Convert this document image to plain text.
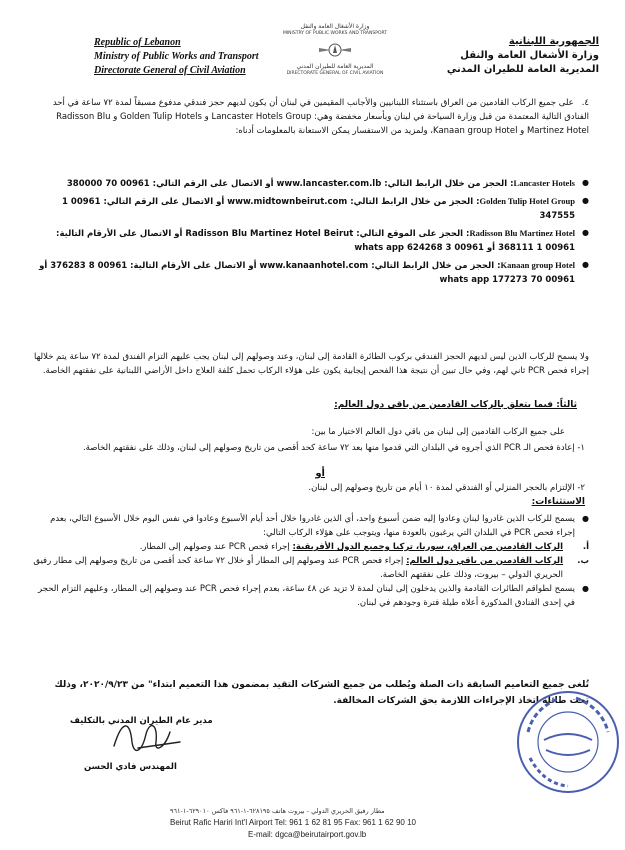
Republic of Lebanon
Ministry of Public Works and Transport
Directorate General of Civil Aviation
وزارة الأشغال العامة والنقل
MINISTRY OF PUBLIC WORKS AND TRANSPORT
المديرية العامة للطيران المدني
DIRECTORATE GENERAL OF CIVIL AVIATION
الجمهورية اللبنانية
وزارة الأشغال العامة والنقل
المديرية العامة للطيران المدني
٤.على جميع الركاب القادمين من العراق باستثناء اللبنانيين والأجانب المقيمين في لبنان أن يكون لديهم حجز فندقي مدفوع مسبقاً لمدة ٧٢ ساعة في أحد الفنادق التالية المعتمدة من قبل وزارة السياحة في لبنان وبأسعار مخفضة وهي: Lancaster Hotels Group و Golden Tulip Hotels و Radisson Blu Martinez Hotel و Kanaan group Hotel، ولمزيد من الاستفسار يمكن الاستعانة بالمعلومات أدناه:
● Lancaster Hotels: الحجز من خلال الرابط التالي: www.lancaster.com.lb أو الاتصال على الرقم التالي: 00961 70 380000
● Golden Tulip Hotel Group: الحجز من خلال الرابط التالي: www.midtownbeirut.com أو الاتصال على الرقم التالي: 00961 1 347555
● Radisson Blu Martinez Hotel: الحجز على الموقع التالي: Radisson Blu Martinez Hotel Beirut أو الاتصال على الأرقام التالية: 00961 1 368111 أو 00961 3 624268 whats app
● Kanaan group Hotel: الحجز من خلال الرابط التالي: www.kanaanhotel.com أو الاتصال على الأرقام التالية: 00961 8 376283 أو 00961 70 177273 whats app
ولا يسمح للركاب الذين ليس لديهم الحجز الفندقي بركوب الطائرة القادمة إلى لبنان، وعند وصولهم إلى لبنان يجب عليهم التزام الفندق لمدة ٧٢ ساعة يتم خلالها إجراء فحص PCR ثاني لهم، وفي حال تبين أن نتيجة هذا الفحص إيجابية يكون على هؤلاء الركاب تحمل كلفة العلاج داخل الأراضي اللبنانية على نفقتهم الخاصة.
ثالثاً: فيما يتعلق بالركاب القادمين من باقي دول العالم:
على جميع الركاب القادمين إلى لبنان من باقي دول العالم الاختيار ما بين:
١- إعادة فحص الـ PCR الذي أجروه في البلدان التي قدموا منها بعد ٧٢ ساعة كحد أقصى من تاريخ وصولهم إلى لبنان، وذلك على نفقتهم الخاصة.
أو
٢- الإلتزام بالحجر المنزلي أو الفندقي لمدة ١٠ أيام من تاريخ وصولهم إلى لبنان.
الاستثناءات:
● يسمح للركاب الذين غادروا لبنان وعادوا إليه ضمن أسبوع واحد، أي الذين غادروا خلال أحد أيام الأسبوع وعادوا في نفس اليوم خلال الأسبوع التالي، بعدم إجراء فحص PCR في البلدان التي يرغبون بالعودة منها، ويتوجب على هؤلاء الركاب التالي:
أ.
الركاب القادمين من العراق، سوريا، تركيا وجميع الدول الأفريقية: إجراء فحص PCR عند وصولهم إلى المطار.
ب.
الركاب القادمين من باقي دول العالم: إجراء فحص PCR عند وصولهم إلى المطار أو خلال ٧٢ ساعة كحد أقصى من تاريخ وصولهم إلى مطار رفيق الحريري الدولي – بيروت، وذلك على نفقتهم الخاصة.
● يسمح لطواقم الطائرات القادمة والذين يدخلون إلى لبنان لمدة لا تزيد عن ٤٨ ساعة، بعدم إجراء فحص PCR عند وصولهم إلى المطار، وعليهم التزام الحجر في إحدى الفنادق المذكورة أعلاه طيلة فترة وجودهم في لبنان.
تُلغى جميع التعاميم السابقة ذات الصلة ويُطلب من جميع الشركات التقيد بمضمون هذا التعميم ابتداء" من ٢٠٢٠/٩/٢٣، وذلك تحت طائلة اتخاذ الإجراءات اللازمة بحق الشركات المخالفة.
مدير عام الطيران المدني بالتكليف
المهندس فادي الحسن
مطار رفيق الحريري الدولي - بيروت هاتف ٦٢٨١٩٥-١-٩٦١ فاكس ٦٢٩٠١٠-١-٩٦١
Beirut Rafic Hariri Int'l Airport Tel: 961 1 62 81 95 Fax: 961 1 62 90 10
E-mail: dgca@beirutairport.gov.lb
